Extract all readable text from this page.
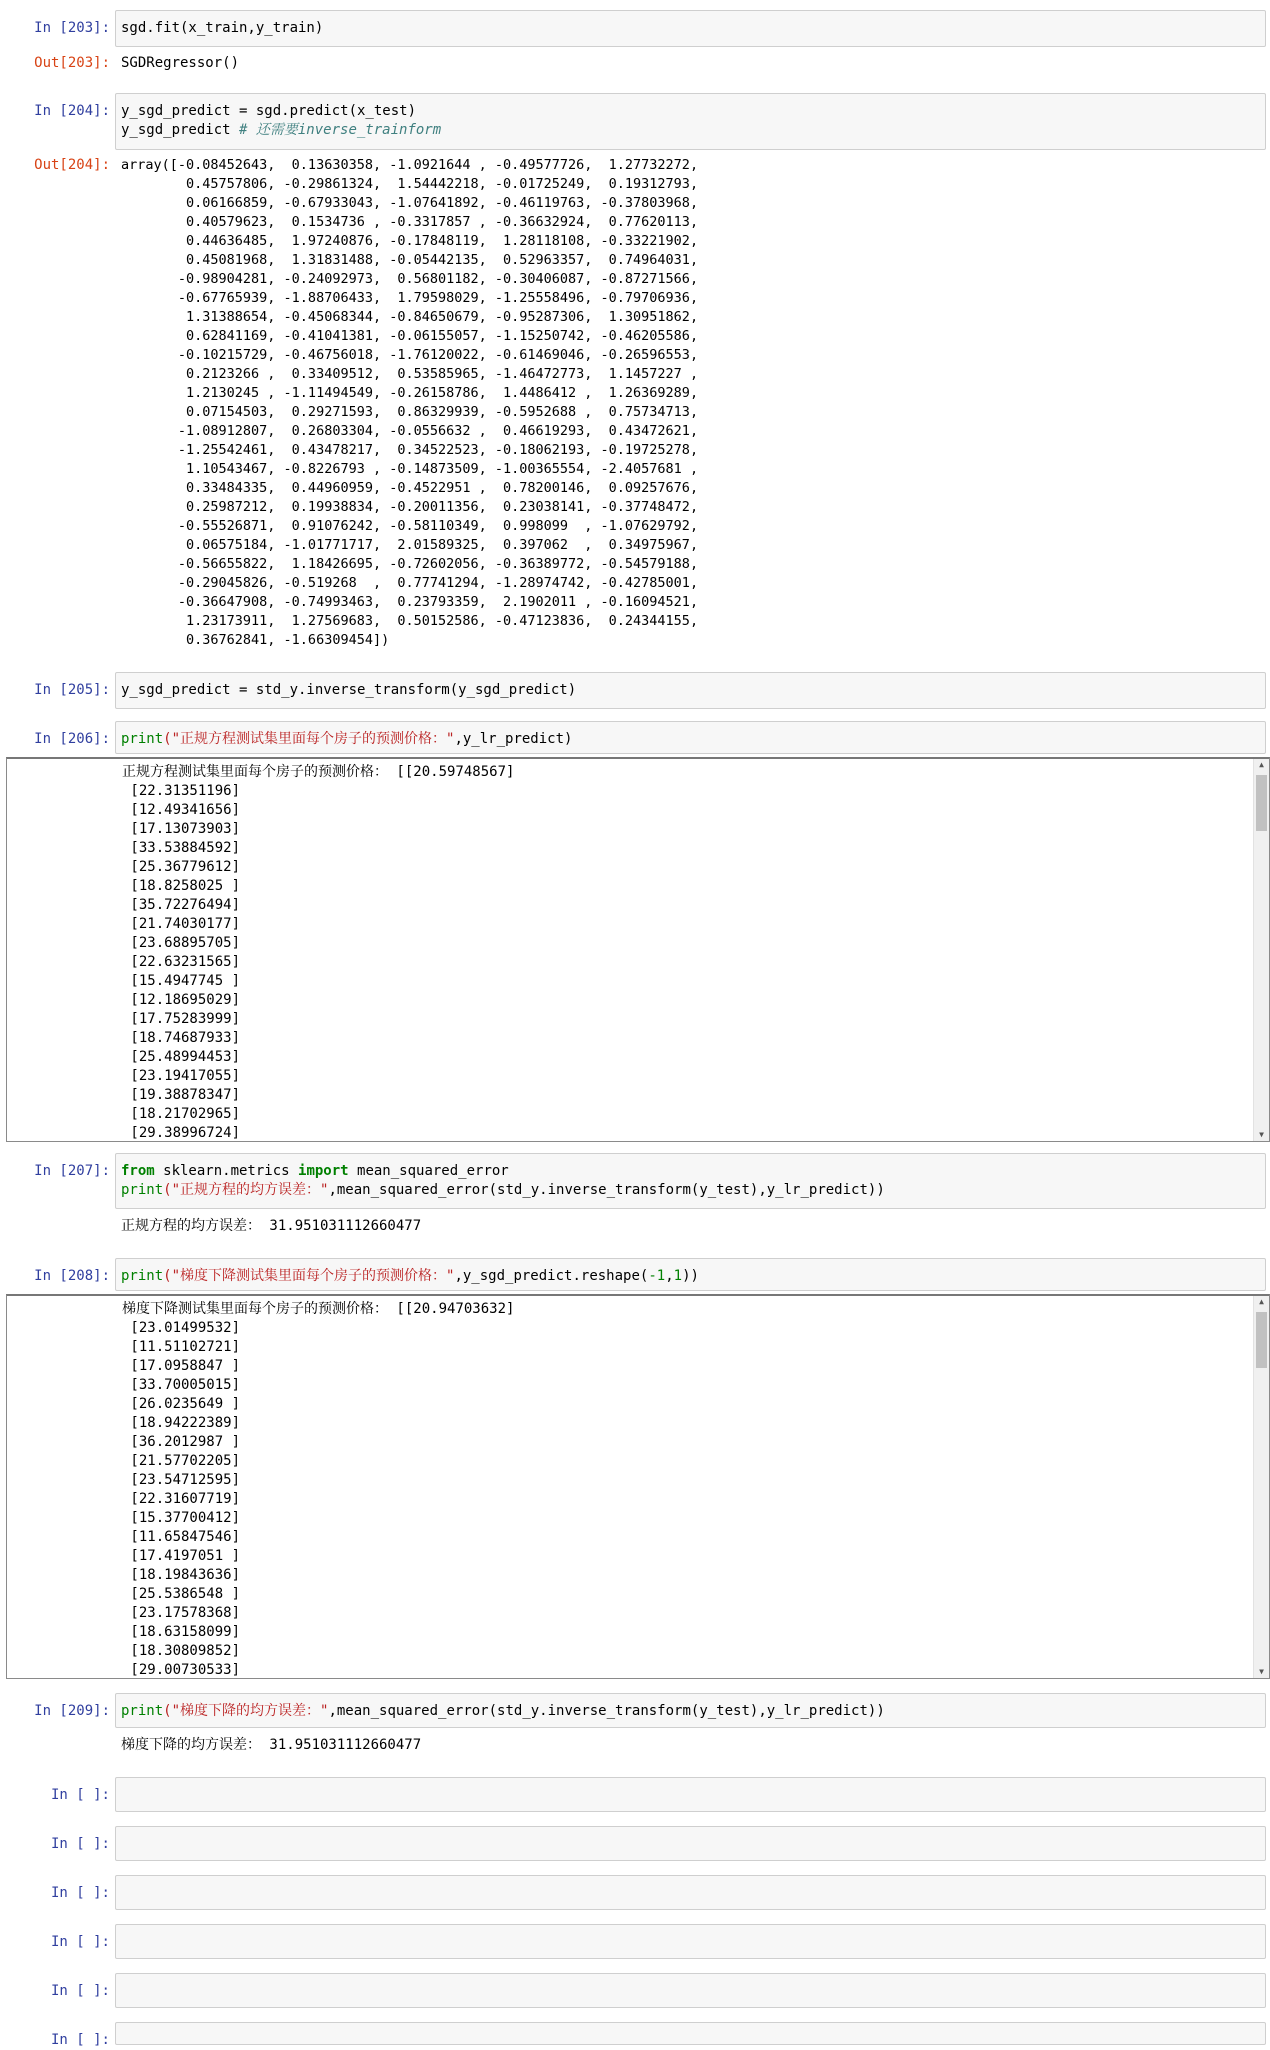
In [203]: sgd.fit(x_train,y_train)
Out[203]: SGDRegressor()
In [204]: y_sgd_predict = sgd.predict(x_test)
y_sgd_predict # 还需要inverse_trainform
Out[204]: array([-0.08452643,  0.13630358, -1.0921644 , -0.49577726,  1.27732272,
0.45757806, -0.29861324,  1.54442218, -0.01725249,  0.19312793,
0.06166859, -0.67933043, -1.07641892, -0.46119763, -0.37803968,
0.40579623,  0.1534736 , -0.3317857 , -0.36632924,  0.77620113,
0.44636485,  1.97240876, -0.17848119,  1.28118108, -0.33221902,
0.45081968,  1.31831488, -0.05442135,  0.52963357,  0.74964031,
-0.98904281, -0.24092973,  0.56801182, -0.30406087, -0.87271566,
-0.67765939, -1.88706433,  1.79598029, -1.25558496, -0.79706936,
1.31388654, -0.45068344, -0.84650679, -0.95287306,  1.30951862,
0.62841169, -0.41041381, -0.06155057, -1.15250742, -0.46205586,
-0.10215729, -0.46756018, -1.76120022, -0.61469046, -0.26596553,
0.2123266 ,  0.33409512,  0.53585965, -1.46472773,  1.1457227 ,
1.2130245 , -1.11494549, -0.26158786,  1.4486412 ,  1.26369289,
0.07154503,  0.29271593,  0.86329939, -0.5952688 ,  0.75734713,
-1.08912807,  0.26803304, -0.0556632 ,  0.46619293,  0.43472621,
-1.25542461,  0.43478217,  0.34522523, -0.18062193, -0.19725278,
1.10543467, -0.8226793 , -0.14873509, -1.00365554, -2.4057681 ,
0.33484335,  0.44960959, -0.4522951 ,  0.78200146,  0.09257676,
0.25987212,  0.19938834, -0.20011356,  0.23038141, -0.37748472,
-0.55526871,  0.91076242, -0.58110349,  0.998099  , -1.07629792,
0.06575184, -1.01771717,  2.01589325,  0.397062  ,  0.34975967,
-0.56655822,  1.18426695, -0.72602056, -0.36389772, -0.54579188,
-0.29045826, -0.519268  ,  0.77741294, -1.28974742, -0.42785001,
-0.36647908, -0.74993463,  0.23793359,  2.1902011 , -0.16094521,
1.23173911,  1.27569683,  0.50152586, -0.47123836,  0.24344155,
0.36762841, -1.66309454])
In [205]: y_sgd_predict = std_y.inverse_transform(y_sgd_predict)
In [206]: print("正规方程测试集里面每个房子的预测价格：",y_lr_predict)
正规方程测试集里面每个房子的预测价格： [[20.59748567]
[22.31351196]
[12.49341656]
[17.13073903]
[33.53884592]
[25.36779612]
[18.8258025 ]
[35.72276494]
[21.74030177]
[23.68895705]
[22.63231565]
[15.4947745 ]
[12.18695029]
[17.75283999]
[18.74687933]
[25.48994453]
[23.19417055]
[19.38878347]
[18.21702965]
[29.38996724]
▲
▼
In [207]: from sklearn.metrics import mean_squared_error
print("正规方程的均方误差：",mean_squared_error(std_y.inverse_transform(y_test),y_lr_predict))
正规方程的均方误差： 31.951031112660477
In [208]: print("梯度下降测试集里面每个房子的预测价格：",y_sgd_predict.reshape(-1,1))
梯度下降测试集里面每个房子的预测价格： [[20.94703632]
[23.01499532]
[11.51102721]
[17.0958847 ]
[33.70005015]
[26.0235649 ]
[18.94222389]
[36.2012987 ]
[21.57702205]
[23.54712595]
[22.31607719]
[15.37700412]
[11.65847546]
[17.4197051 ]
[18.19843636]
[25.5386548 ]
[23.17578368]
[18.63158099]
[18.30809852]
[29.00730533]
▲
▼
In [209]: print("梯度下降的均方误差：",mean_squared_error(std_y.inverse_transform(y_test),y_lr_predict))
梯度下降的均方误差： 31.951031112660477
In [ ]:
In [ ]:
In [ ]:
In [ ]:
In [ ]:
In [ ]:
